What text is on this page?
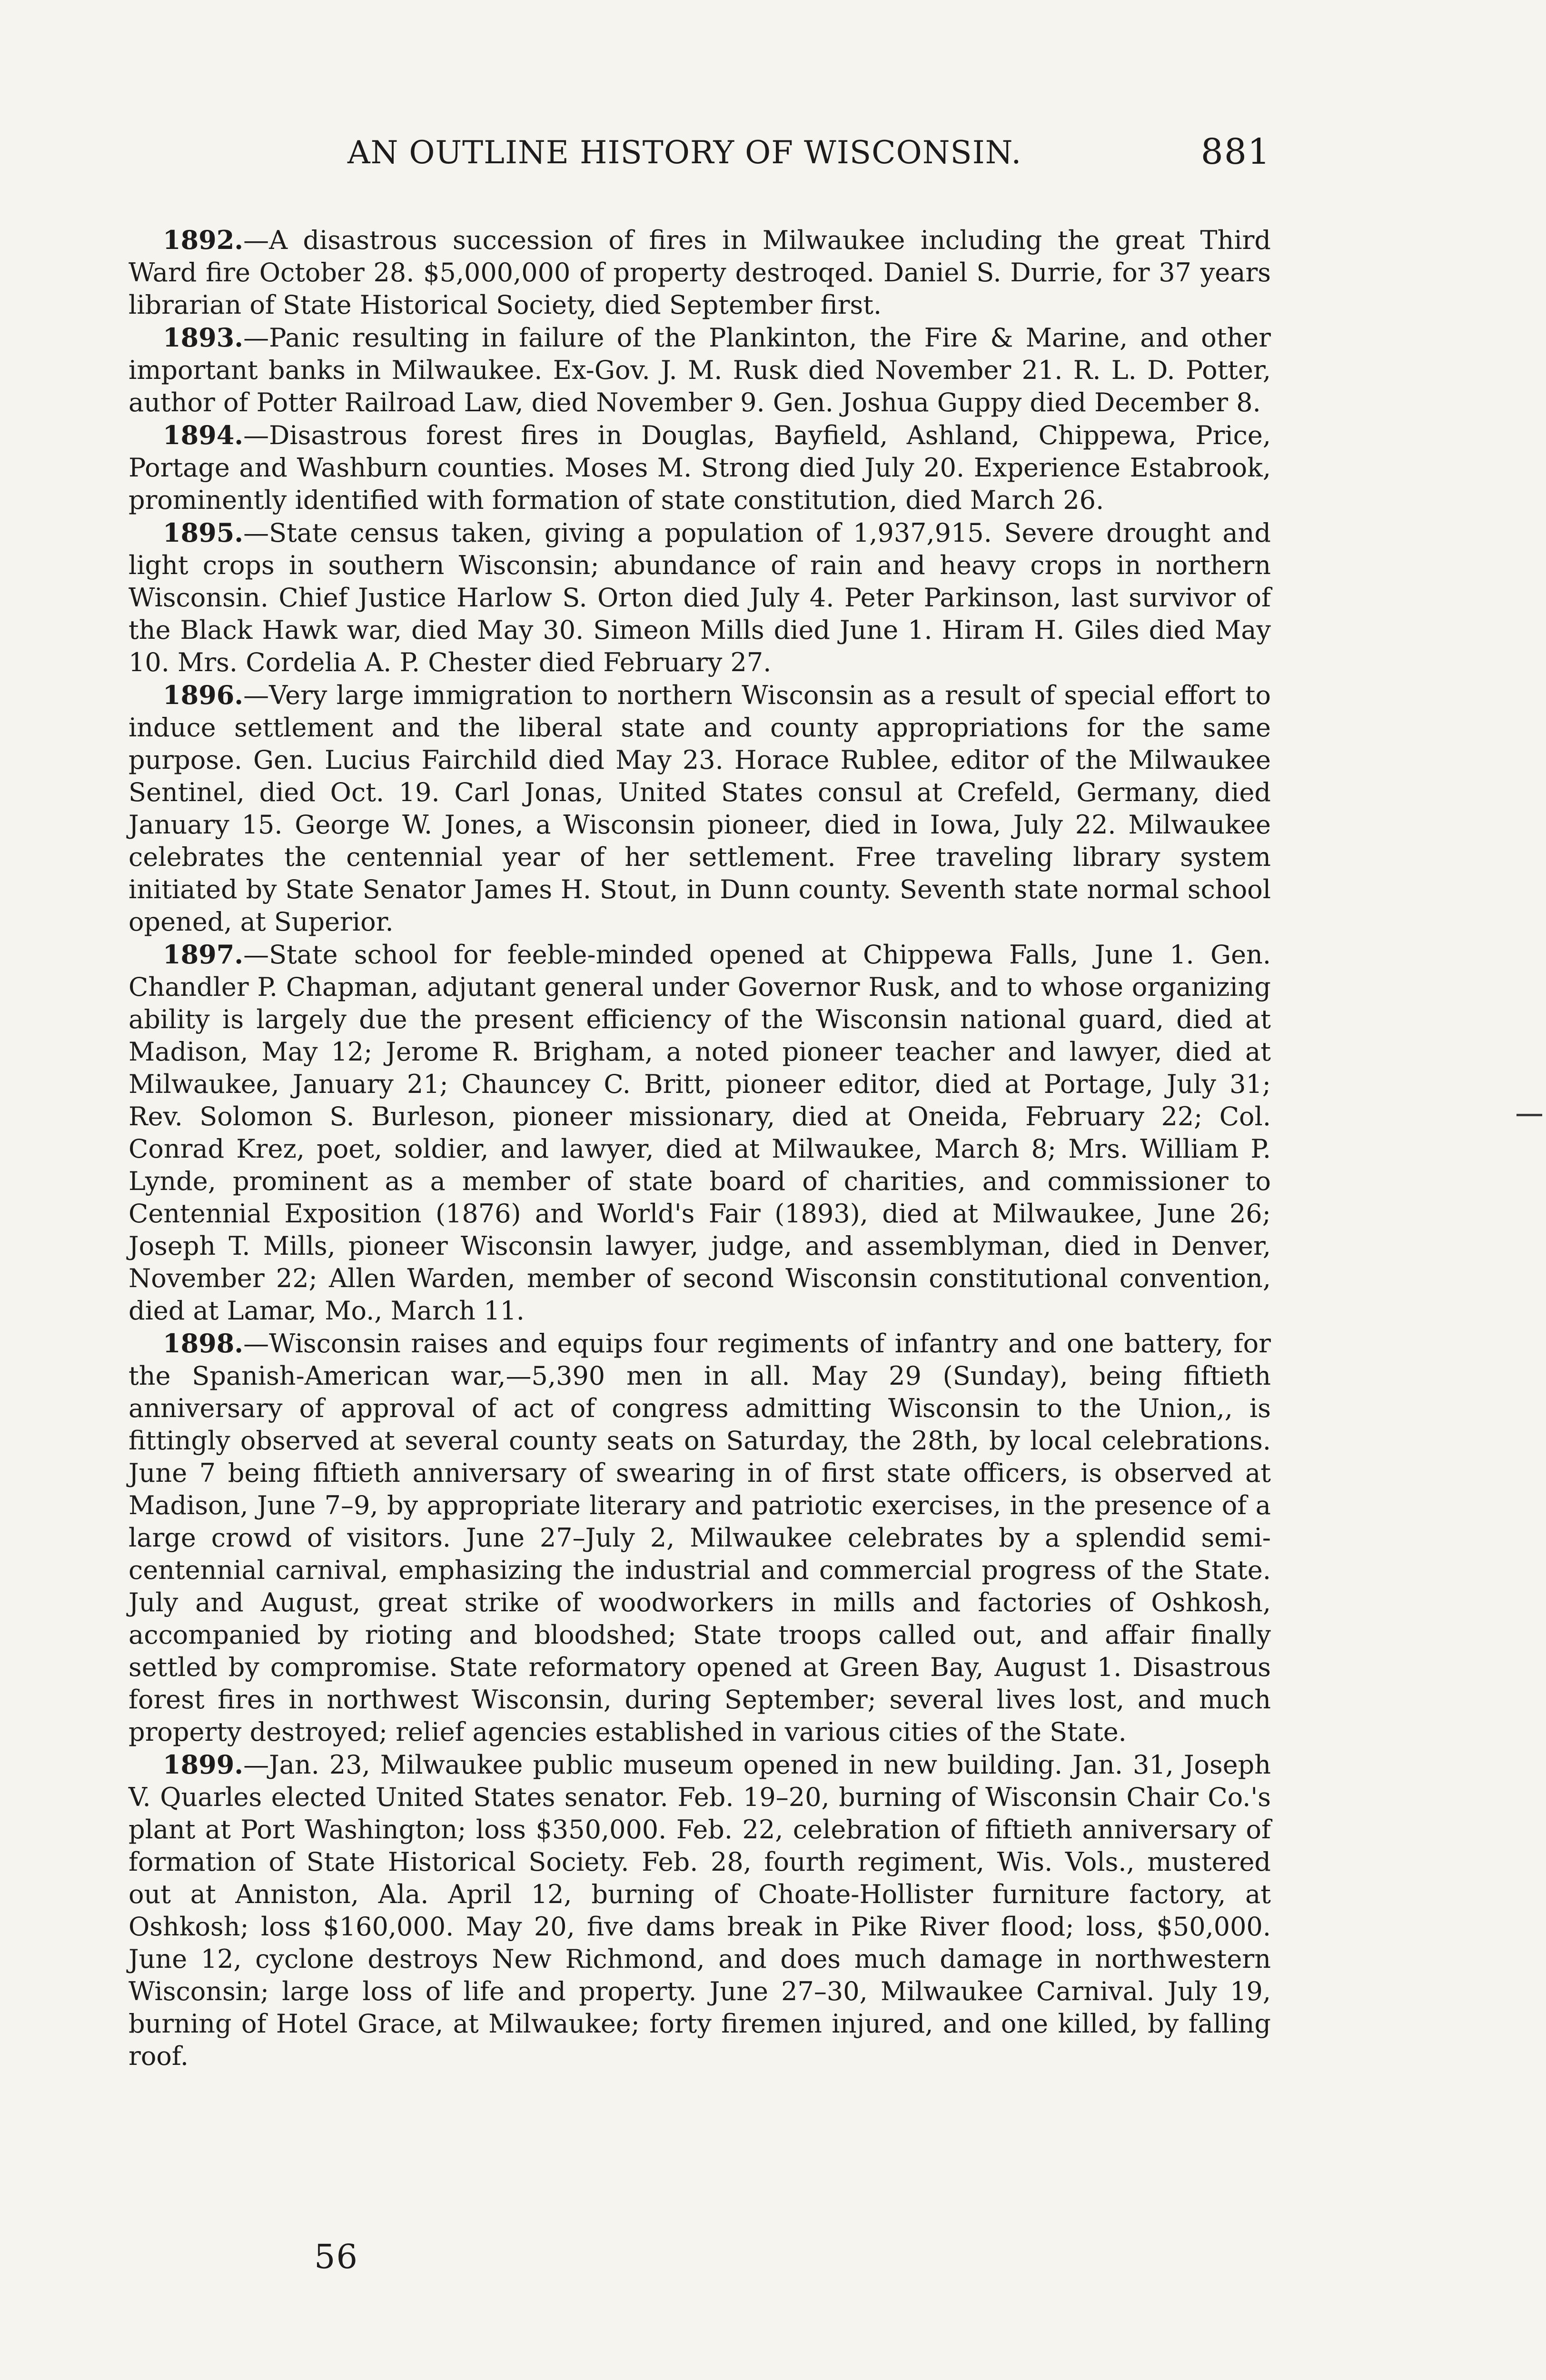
AN OUTLINE HISTORY OF WISCONSIN.	881

1892.—A disastrous succession of fires in Milwaukee including the great Third Ward fire October 28. $5,000,000 of property destroqed. Daniel S. Durrie, for 37 years librarian of State Historical Society, died September first.

1893.—Panic resulting in failure of the Plankinton, the Fire & Marine, and other important banks in Milwaukee. Ex-Gov. J. M. Rusk died November 21. R. L. D. Potter, author of Potter Railroad Law, died November 9. Gen. Joshua Guppy died December 8.

1894.—Disastrous forest fires in Douglas, Bayfield, Ashland, Chippewa, Price, Portage and Washburn counties. Moses M. Strong died July 20. Experience Estabrook, prominently identified with formation of state constitution, died March 26.

1895.—State census taken, giving a population of 1,937,915. Severe drought and light crops in southern Wisconsin; abundance of rain and heavy crops in northern Wisconsin. Chief Justice Harlow S. Orton died July 4. Peter Parkinson, last survivor of the Black Hawk war, died May 30. Simeon Mills died June 1. Hiram H. Giles died May 10. Mrs. Cordelia A. P. Chester died February 27.

1896.—Very large immigration to northern Wisconsin as a result of special effort to induce settlement and the liberal state and county appropriations for the same purpose. Gen. Lucius Fairchild died May 23. Horace Rublee, editor of the Milwaukee Sentinel, died Oct. 19. Carl Jonas, United States consul at Crefeld, Germany, died January 15. George W. Jones, a Wisconsin pioneer, died in Iowa, July 22. Milwaukee celebrates the centennial year of her settlement. Free traveling library system initiated by State Senator James H. Stout, in Dunn county. Seventh state normal school opened, at Superior.

1897.—State school for feeble-minded opened at Chippewa Falls, June 1. Gen. Chandler P. Chapman, adjutant general under Governor Rusk, and to whose organizing ability is largely due the present efficiency of the Wisconsin national guard, died at Madison, May 12; Jerome R. Brigham, a noted pioneer teacher and lawyer, died at Milwaukee, January 21; Chauncey C. Britt, pioneer editor, died at Portage, July 31; Rev. Solomon S. Burleson, pioneer missionary, died at Oneida, February 22; Col. Conrad Krez, poet, soldier, and lawyer, died at Milwaukee, March 8; Mrs. William P. Lynde, prominent as a member of state board of charities, and commissioner to Centennial Exposition (1876) and World's Fair (1893), died at Milwaukee, June 26; Joseph T. Mills, pioneer Wisconsin lawyer, judge, and assemblyman, died in Denver, November 22; Allen Warden, member of second Wisconsin constitutional convention, died at Lamar, Mo., March 11.

1898.—Wisconsin raises and equips four regiments of infantry and one battery, for the Spanish-American war,—5,390 men in all. May 29 (Sunday), being fiftieth anniversary of approval of act of congress admitting Wisconsin to the Union,, is fittingly observed at several county seats on Saturday, the 28th, by local celebrations. June 7 being fiftieth anniversary of swearing in of first state officers, is observed at Madison, June 7–9, by appropriate literary and patriotic exercises, in the presence of a large crowd of visitors. June 27–July 2, Milwaukee celebrates by a splendid semi-centennial carnival, emphasizing the industrial and commercial progress of the State. July and August, great strike of woodworkers in mills and factories of Oshkosh, accompanied by rioting and bloodshed; State troops called out, and affair finally settled by compromise. State reformatory opened at Green Bay, August 1. Disastrous forest fires in northwest Wisconsin, during September; several lives lost, and much property destroyed; relief agencies established in various cities of the State.

1899.—Jan. 23, Milwaukee public museum opened in new building. Jan. 31, Joseph V. Quarles elected United States senator. Feb. 19–20, burning of Wisconsin Chair Co.'s plant at Port Washington; loss $350,000. Feb. 22, celebration of fiftieth anniversary of formation of State Historical Society. Feb. 28, fourth regiment, Wis. Vols., mustered out at Anniston, Ala. April 12, burning of Choate-Hollister furniture factory, at Oshkosh; loss $160,000. May 20, five dams break in Pike River flood; loss, $50,000. June 12, cyclone destroys New Richmond, and does much damage in northwestern Wisconsin; large loss of life and property. June 27–30, Milwaukee Carnival. July 19, burning of Hotel Grace, at Milwaukee; forty firemen injured, and one killed, by falling roof.

56
